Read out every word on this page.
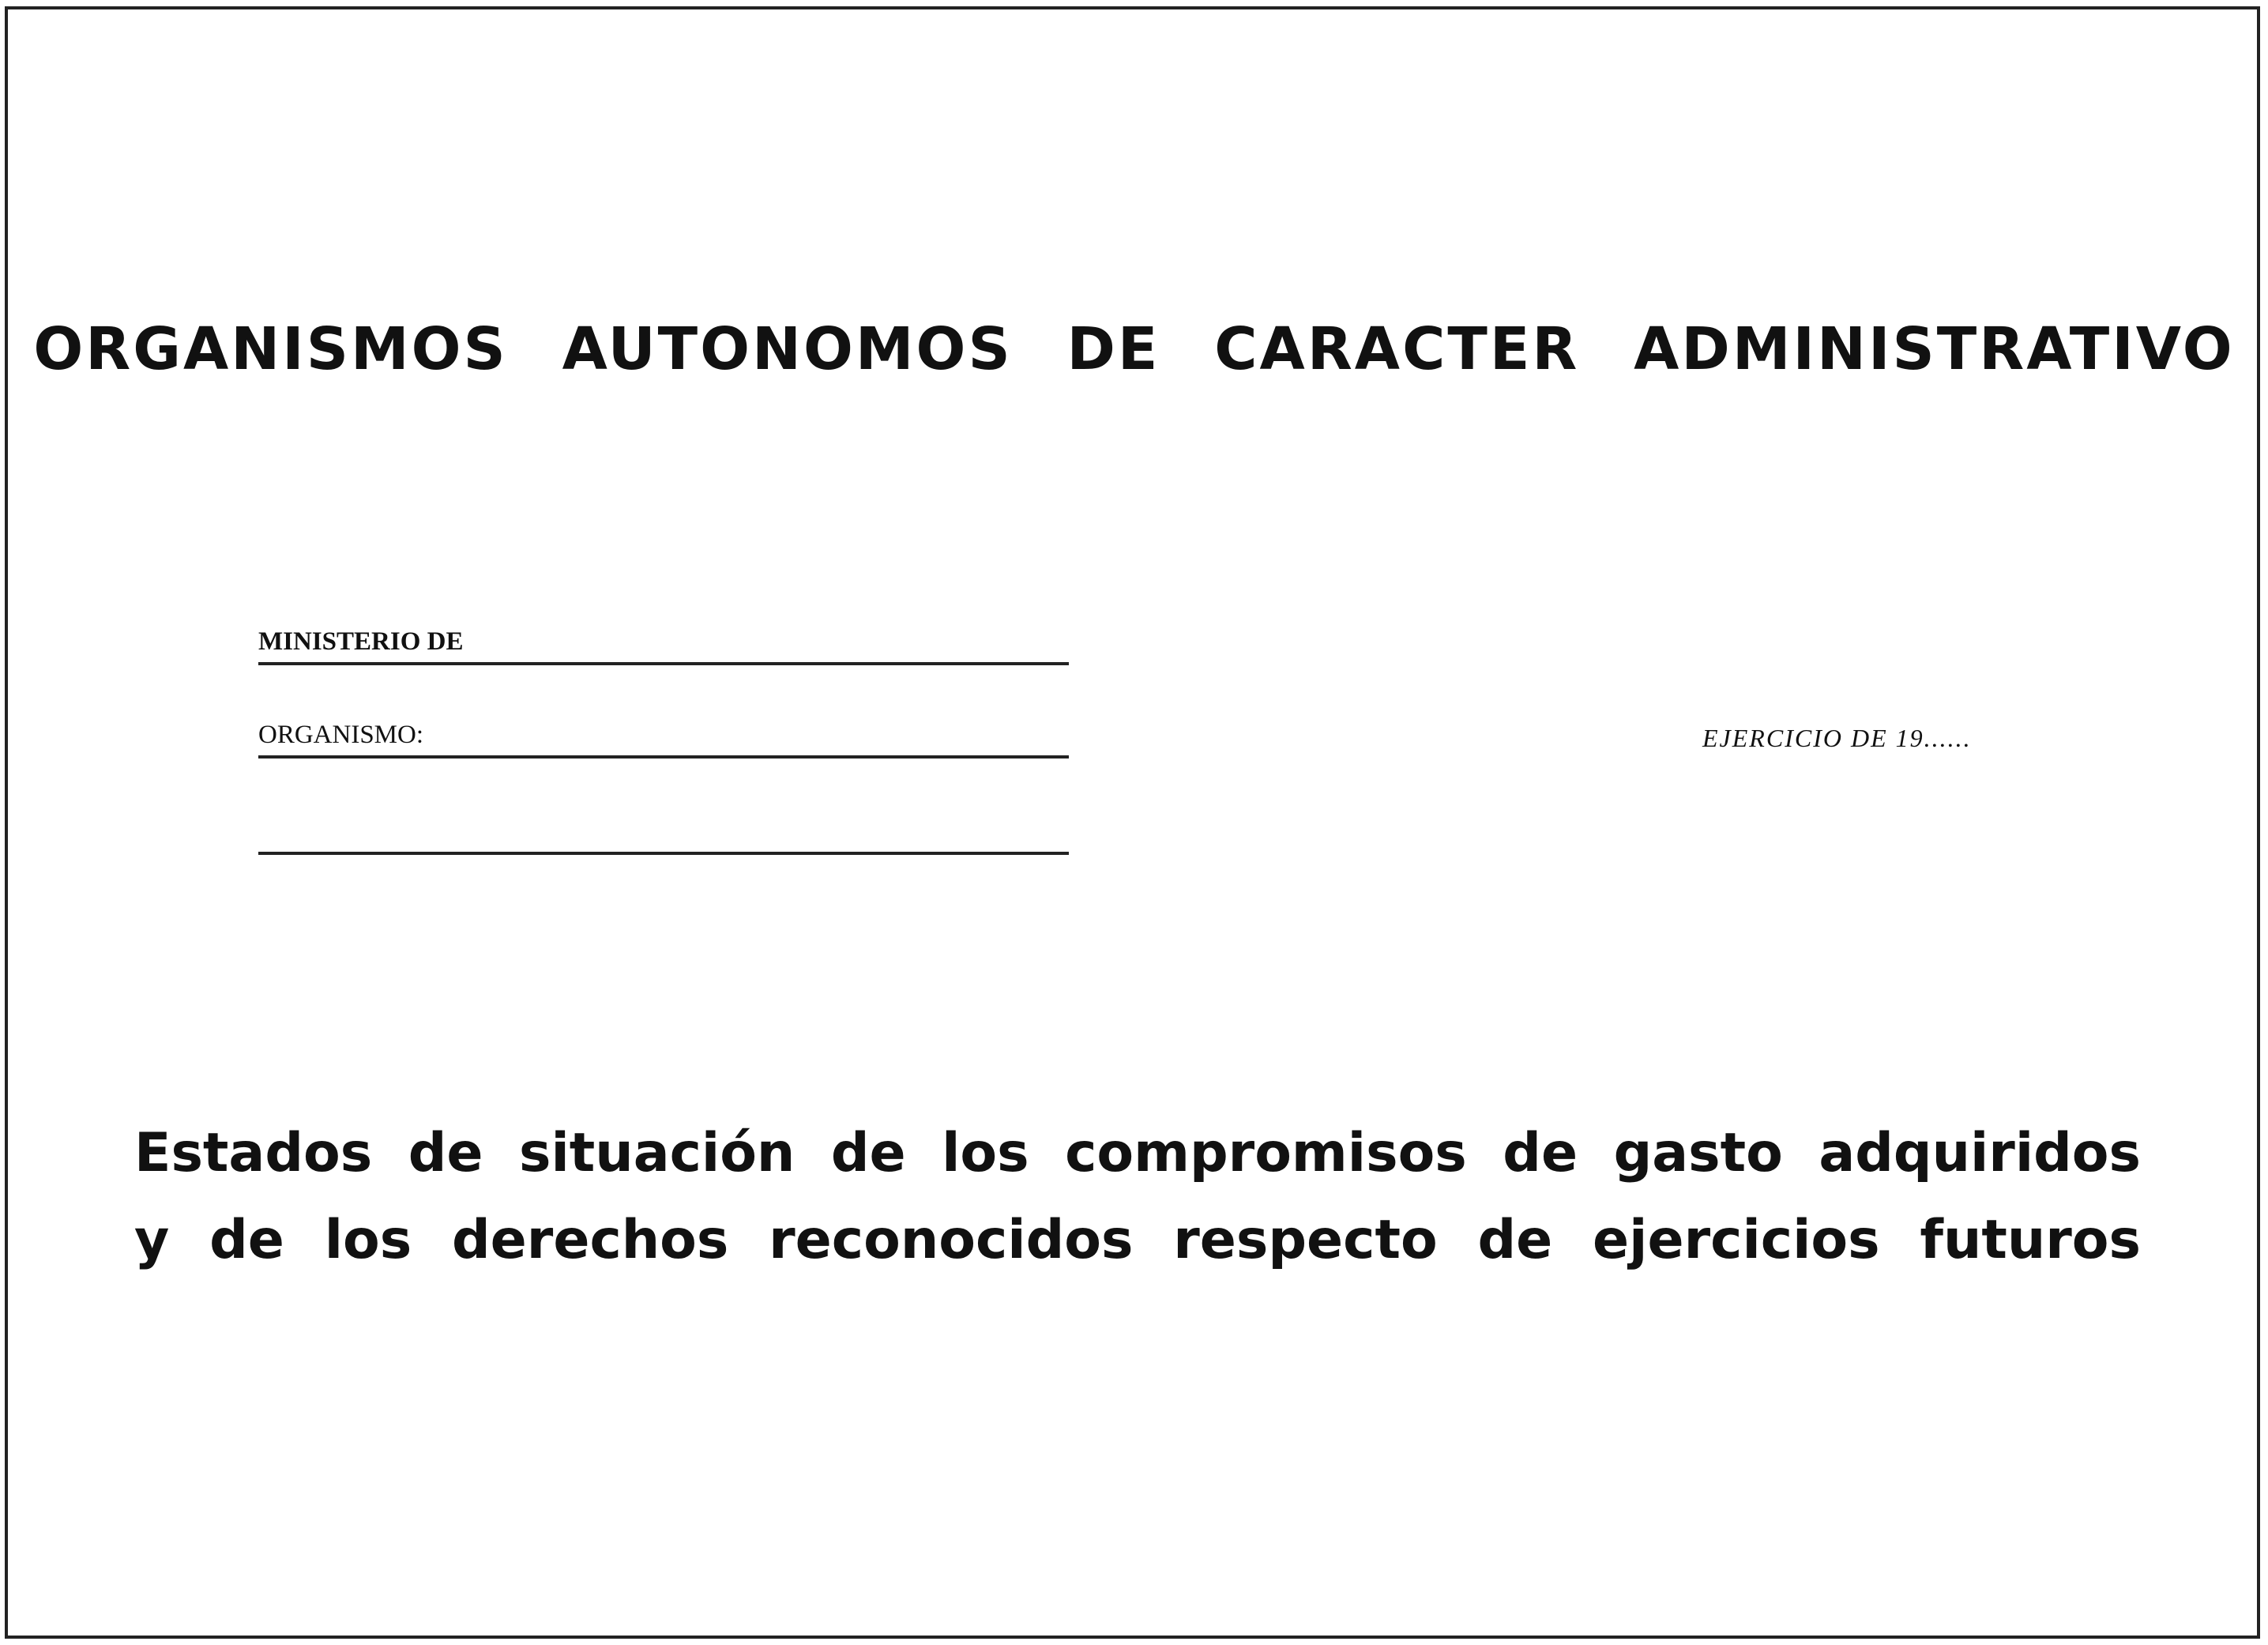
ORGANISMOS AUTONOMOS DE CARACTER ADMINISTRATIVO
MINISTERIO DE
ORGANISMO:	EJERCICIO DE 19......
Estados de situación de los compromisos de gasto adquiridos
y de los derechos reconocidos respecto de ejercicios futuros
